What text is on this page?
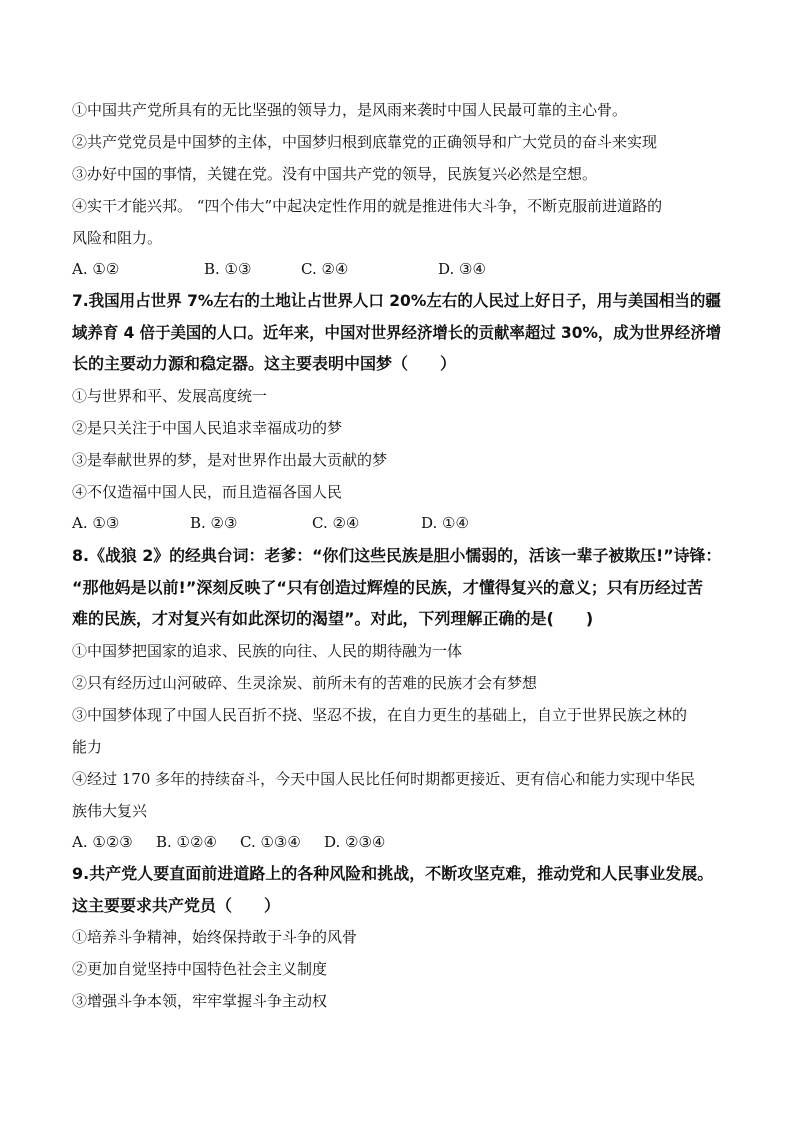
①中国共产党所具有的无比坚强的领导力，是风雨来袭时中国人民最可靠的主心骨。
②共产党党员是中国梦的主体，中国梦归根到底靠党的正确领导和广大党员的奋斗来实现
③办好中国的事情，关键在党。没有中国共产党的领导，民族复兴必然是空想。
④实干才能兴邦。 “四个伟大”中起决定性作用的就是推进伟大斗争，不断克服前进道路的
风险和阻力。
A. ①②	B. ①③	C. ②④	D. ③④
7.我国用占世界 7%左右的土地让占世界人口 20%左右的人民过上好日子，用与美国相当的疆
域养育 4 倍于美国的人口。近年来，中国对世界经济增长的贡献率超过 30%，成为世界经济增
长的主要动力源和稳定器。这主要表明中国梦（　　）
①与世界和平、发展高度统一
②是只关注于中国人民追求幸福成功的梦
③是奉献世界的梦，是对世界作出最大贡献的梦
④不仅造福中国人民，而且造福各国人民
A. ①③	B. ②③	C. ②④	D. ①④
8.《战狼 2》的经典台词：老爹：“你们这些民族是胆小懦弱的，活该一辈子被欺压!”诗锋：
“那他妈是以前!”深刻反映了“只有创造过辉煌的民族，才懂得复兴的意义；只有历经过苦
难的民族，才对复兴有如此深切的渴望”。对此，下列理解正确的是(　　)
①中国梦把国家的追求、民族的向往、人民的期待融为一体
②只有经历过山河破碎、生灵涂炭、前所未有的苦难的民族才会有梦想
③中国梦体现了中国人民百折不挠、坚忍不拔，在自力更生的基础上，自立于世界民族之林的
能力
④经过 170 多年的持续奋斗，今天中国人民比任何时期都更接近、更有信心和能力实现中华民
族伟大复兴
A. ①②③ B. ①②④ C. ①③④ D. ②③④
9.共产党人要直面前进道路上的各种风险和挑战，不断攻坚克难，推动党和人民事业发展。
这主要要求共产党员（　　）
①培养斗争精神，始终保持敢于斗争的风骨
②更加自觉坚持中国特色社会主义制度
③增强斗争本领，牢牢掌握斗争主动权
